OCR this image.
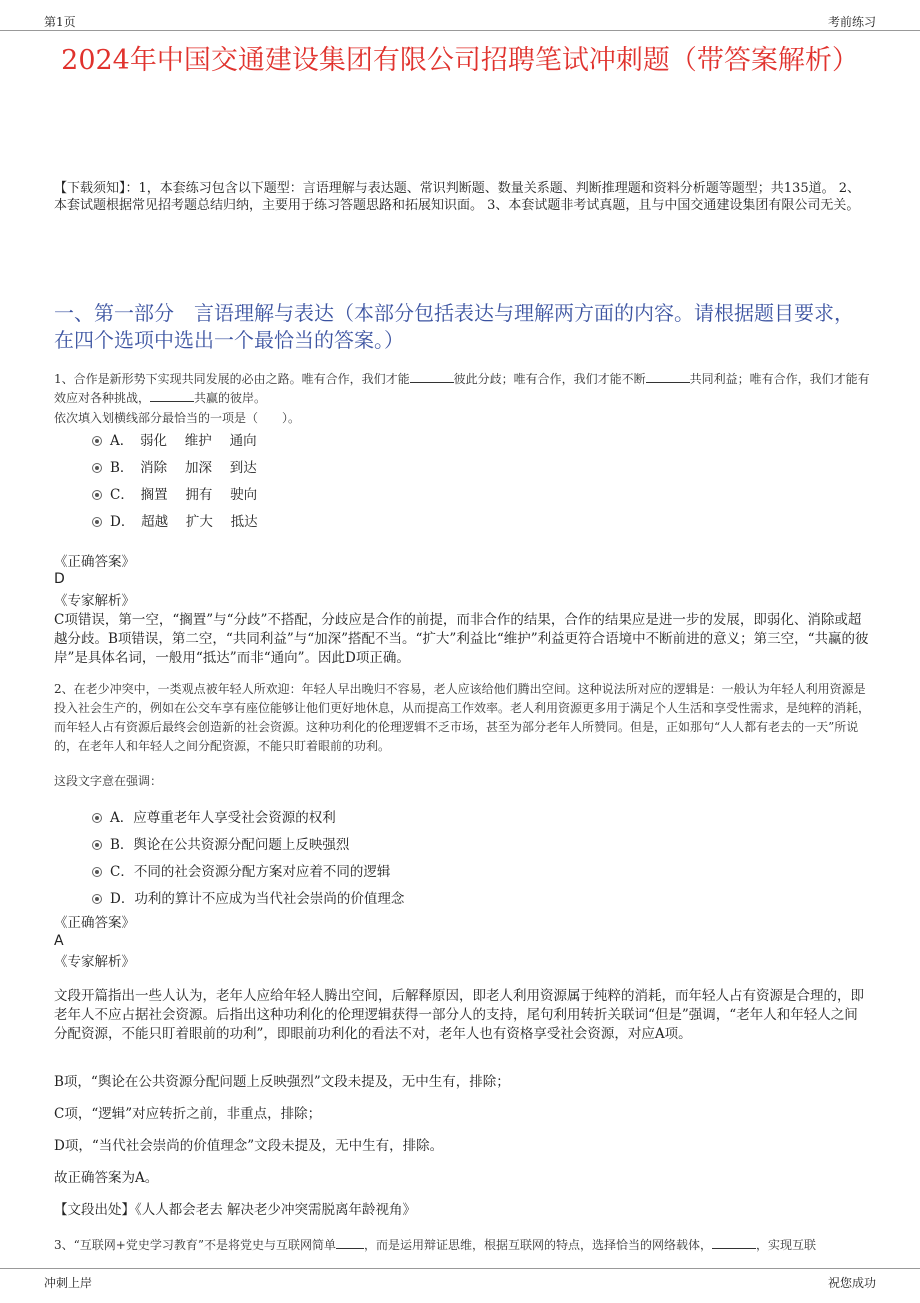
第1页	考前练习
2024年中国交通建设集团有限公司招聘笔试冲刺题（带答案解析）
【下载须知】：1，本套练习包含以下题型：言语理解与表达题、常识判断题、数量关系题、判断推理题和资料分析题等题型；共135道。 2、本套试题根据常见招考题总结归纳，主要用于练习答题思路和拓展知识面。 3、本套试题非考试真题，且与中国交通建设集团有限公司无关。
一、第一部分　言语理解与表达（本部分包括表达与理解两方面的内容。请根据题目要求，在四个选项中选出一个最恰当的答案。）
1、合作是新形势下实现共同发展的必由之路。唯有合作，我们才能	彼此分歧；唯有合作，我们才能不断	共同利益；唯有合作，我们才能有效应对各种挑战，	共赢的彼岸。
依次填入划横线部分最恰当的一项是（　　）。
A．　弱化　 维护　 通向
B．　消除　 加深　 到达
C．　搁置　 拥有　 驶向
D．　超越　 扩大　 抵达
《正确答案》
D
《专家解析》
C项错误，第一空，“搁置”与“分歧”不搭配，分歧应是合作的前提，而非合作的结果，合作的结果应是进一步的发展，即弱化、消除或超越分歧。B项错误，第二空，“共同利益”与“加深”搭配不当。“扩大”利益比“维护”利益更符合语境中不断前进的意义；第三空，“共赢的彼岸”是具体名词，一般用“抵达”而非“通向”。因此D项正确。
2、在老少冲突中，一类观点被年轻人所欢迎：年轻人早出晚归不容易，老人应该给他们腾出空间。这种说法所对应的逻辑是：一般认为年轻人利用资源是投入社会生产的，例如在公交车享有座位能够让他们更好地休息，从而提高工作效率。老人利用资源更多用于满足个人生活和享受性需求，是纯粹的消耗，而年轻人占有资源后最终会创造新的社会资源。这种功利化的伦理逻辑不乏市场，甚至为部分老年人所赞同。但是，正如那句“人人都有老去的一天”所说的，在老年人和年轻人之间分配资源，不能只盯着眼前的功利。
这段文字意在强调：
A．应尊重老年人享受社会资源的权利
B．舆论在公共资源分配问题上反映强烈
C．不同的社会资源分配方案对应着不同的逻辑
D．功利的算计不应成为当代社会崇尚的价值理念
《正确答案》
A
《专家解析》
文段开篇指出一些人认为，老年人应给年轻人腾出空间，后解释原因，即老人利用资源属于纯粹的消耗，而年轻人占有资源是合理的，即老年人不应占据社会资源。后指出这种功利化的伦理逻辑获得一部分人的支持，尾句利用转折关联词“但是”强调，“老年人和年轻人之间分配资源，不能只盯着眼前的功利”，即眼前功利化的看法不对，老年人也有资格享受社会资源，对应A项。
B项，“舆论在公共资源分配问题上反映强烈”文段未提及，无中生有，排除；
C项，“逻辑”对应转折之前，非重点，排除；
D项，“当代社会崇尚的价值理念”文段未提及，无中生有，排除。
故正确答案为A。
【文段出处】《人人都会老去 解决老少冲突需脱离年龄视角》
3、“互联网+党史学习教育”不是将党史与互联网简单 ，而是运用辩证思维，根据互联网的特点，选择恰当的网络载体，	，实现互联
冲刺上岸	祝您成功
